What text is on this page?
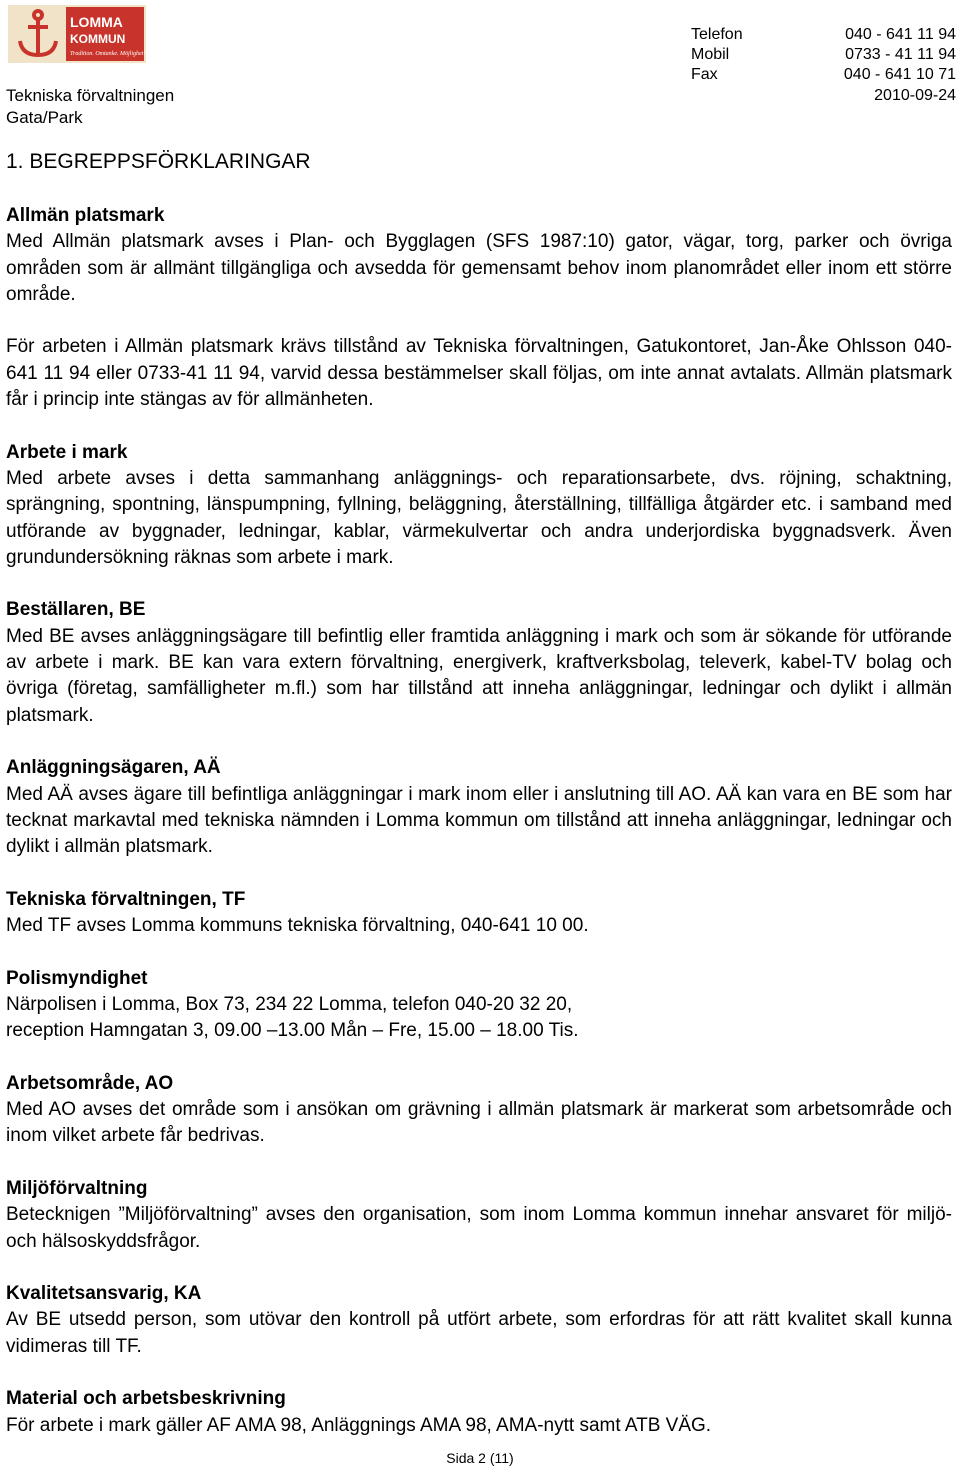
LOMMA
KOMMUN
Tradition. Omtanke. Möjlighet!
Telefon	040 - 641 11 94
Mobil	0733 - 41 11 94
Fax	040 - 641 10 71
Tekniska förvaltningen
Gata/Park
2010-09-24
1. BEGREPPSFÖRKLARINGAR

Allmän platsmark
Med Allmän platsmark avses i Plan- och Bygglagen (SFS 1987:10) gator, vägar, torg, parker och övriga områden som är allmänt tillgängliga och avsedda för gemensamt behov inom planområdet eller inom ett större område.

För arbeten i Allmän platsmark krävs tillstånd av Tekniska förvaltningen, Gatukontoret, Jan-Åke Ohlsson 040-641 11 94 eller 0733-41 11 94, varvid dessa bestämmelser skall följas, om inte annat avtalats. Allmän platsmark får i princip inte stängas av för allmänheten.

Arbete i mark
Med arbete avses i detta sammanhang anläggnings- och reparationsarbete, dvs. röjning, schaktning, sprängning, spontning, länspumpning, fyllning, beläggning, återställning, tillfälliga åtgärder etc. i samband med utförande av byggnader, ledningar, kablar, värmekulvertar och andra underjordiska byggnadsverk. Även grundundersökning räknas som arbete i mark.

Beställaren, BE
Med BE avses anläggningsägare till befintlig eller framtida anläggning i mark och som är sökande för utförande av arbete i mark. BE kan vara extern förvaltning, energiverk, kraftverksbolag, televerk, kabel-TV bolag och övriga (företag, samfälligheter m.fl.) som har tillstånd att inneha anläggningar, ledningar och dylikt i allmän platsmark.

Anläggningsägaren, AÄ
Med AÄ avses ägare till befintliga anläggningar i mark inom eller i anslutning till AO. AÄ kan vara en BE som har tecknat markavtal med tekniska nämnden i Lomma kommun om tillstånd att inneha anläggningar, ledningar och dylikt i allmän platsmark.

Tekniska förvaltningen, TF
Med TF avses Lomma kommuns tekniska förvaltning, 040-641 10 00.

Polismyndighet
Närpolisen i Lomma, Box 73, 234 22 Lomma, telefon 040-20 32 20,
reception Hamngatan 3, 09.00 –13.00 Mån – Fre, 15.00 – 18.00 Tis.

Arbetsområde, AO
Med AO avses det område som i ansökan om grävning i allmän platsmark är markerat som arbetsområde och inom vilket arbete får bedrivas.

Miljöförvaltning
Betecknigen ”Miljöförvaltning” avses den organisation, som inom Lomma kommun innehar ansvaret för miljö- och hälsoskyddsfrågor.

Kvalitetsansvarig, KA
Av BE utsedd person, som utövar den kontroll på utfört arbete, som erfordras för att rätt kvalitet skall kunna vidimeras till TF.

Material och arbetsbeskrivning
För arbete i mark gäller AF AMA 98, Anläggnings AMA 98, AMA-nytt samt ATB VÄG.

Sida 2 (11)
